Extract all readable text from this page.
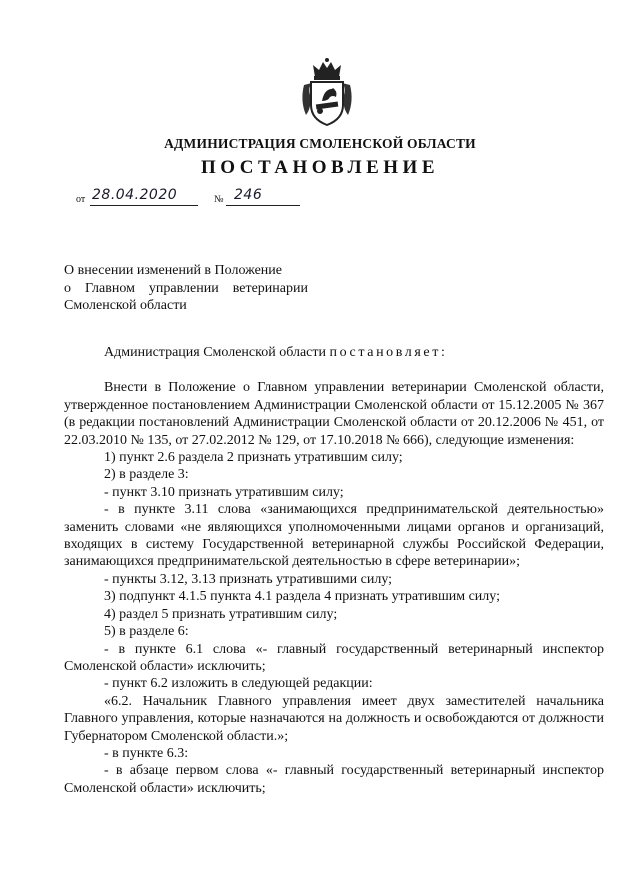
АДМИНИСТРАЦИЯ СМОЛЕНСКОЙ ОБЛАСТИ
ПОСТАНОВЛЕНИЕ
от 28.04.2020	№ 246
О внесении изменений в Положение
о Главном управлении ветеринарии
Смоленской области

Администрация Смоленской области постановляет:

Внести в Положение о Главном управлении ветеринарии Смоленской области, утвержденное постановлением Администрации Смоленской области от 15.12.2005 № 367 (в редакции постановлений Администрации Смоленской области от 20.12.2006 № 451, от 22.03.2010 № 135, от 27.02.2012 № 129, от 17.10.2018 № 666), следующие изменения:

1) пункт 2.6 раздела 2 признать утратившим силу;

2) в разделе 3:

- пункт 3.10 признать утратившим силу;

- в пункте 3.11 слова «занимающихся предпринимательской деятельностью» заменить словами «не являющихся уполномоченными лицами органов и организаций, входящих в систему Государственной ветеринарной службы Российской Федерации, занимающихся предпринимательской деятельностью в сфере ветеринарии»;

- пункты 3.12, 3.13 признать утратившими силу;

3) подпункт 4.1.5 пункта 4.1 раздела 4 признать утратившим силу;

4) раздел 5 признать утратившим силу;

5) в разделе 6:

- в пункте 6.1 слова «- главный государственный ветеринарный инспектор Смоленской области» исключить;

- пункт 6.2 изложить в следующей редакции:

«6.2. Начальник Главного управления имеет двух заместителей начальника Главного управления, которые назначаются на должность и освобождаются от должности Губернатором Смоленской области.»;

- в пункте 6.3:

- в абзаце первом слова «- главный государственный ветеринарный инспектор Смоленской области» исключить;
